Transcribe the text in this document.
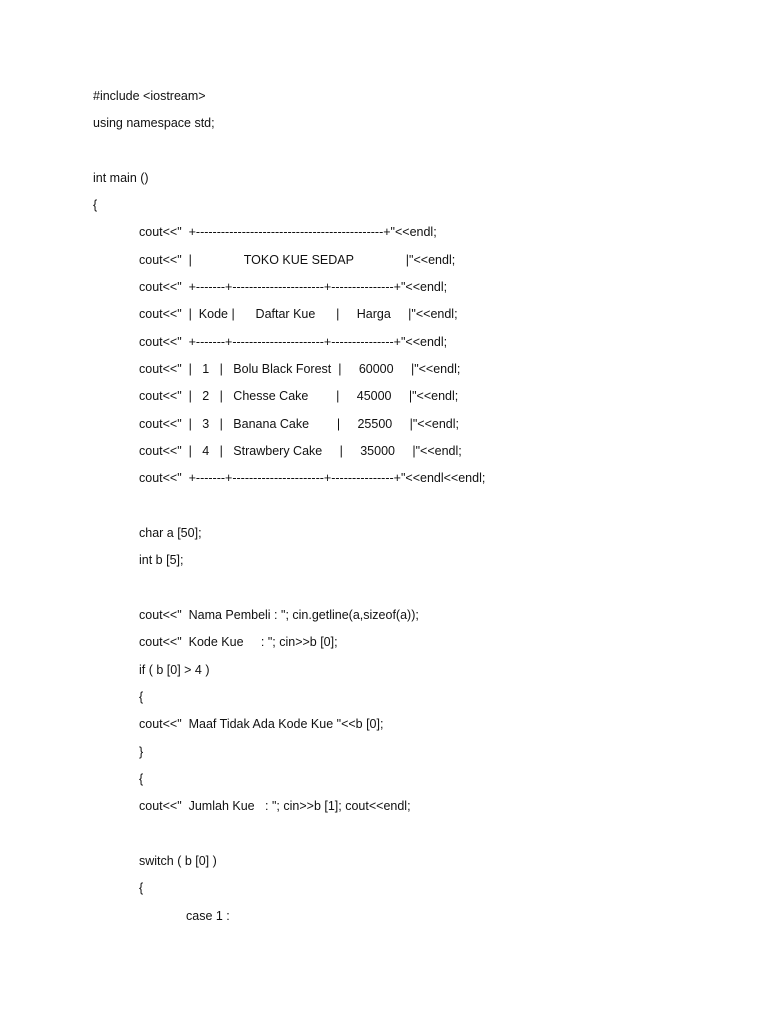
#include <iostream>
using namespace std;
int main ()
{
cout<<"  +---------------------------------------------+"<<endl;
cout<<"  |               TOKO KUE SEDAP               |"<<endl;
cout<<"  +-------+----------------------+---------------+"<<endl;
cout<<"  |  Kode |      Daftar Kue      |     Harga     |"<<endl;
cout<<"  +-------+----------------------+---------------+"<<endl;
cout<<"  |   1   |   Bolu Black Forest  |     60000     |"<<endl;
cout<<"  |   2   |   Chesse Cake        |     45000     |"<<endl;
cout<<"  |   3   |   Banana Cake        |     25500     |"<<endl;
cout<<"  |   4   |   Strawbery Cake     |     35000     |"<<endl;
cout<<"  +-------+----------------------+---------------+"<<endl<<endl;
char a [50];
int b [5];
cout<<"  Nama Pembeli : "; cin.getline(a,sizeof(a));
cout<<"  Kode Kue     : "; cin>>b [0];
if ( b [0] > 4 )
{
cout<<"  Maaf Tidak Ada Kode Kue "<<b [0];
}
{
cout<<"  Jumlah Kue   : "; cin>>b [1]; cout<<endl;
switch ( b [0] )
{
case 1 :
